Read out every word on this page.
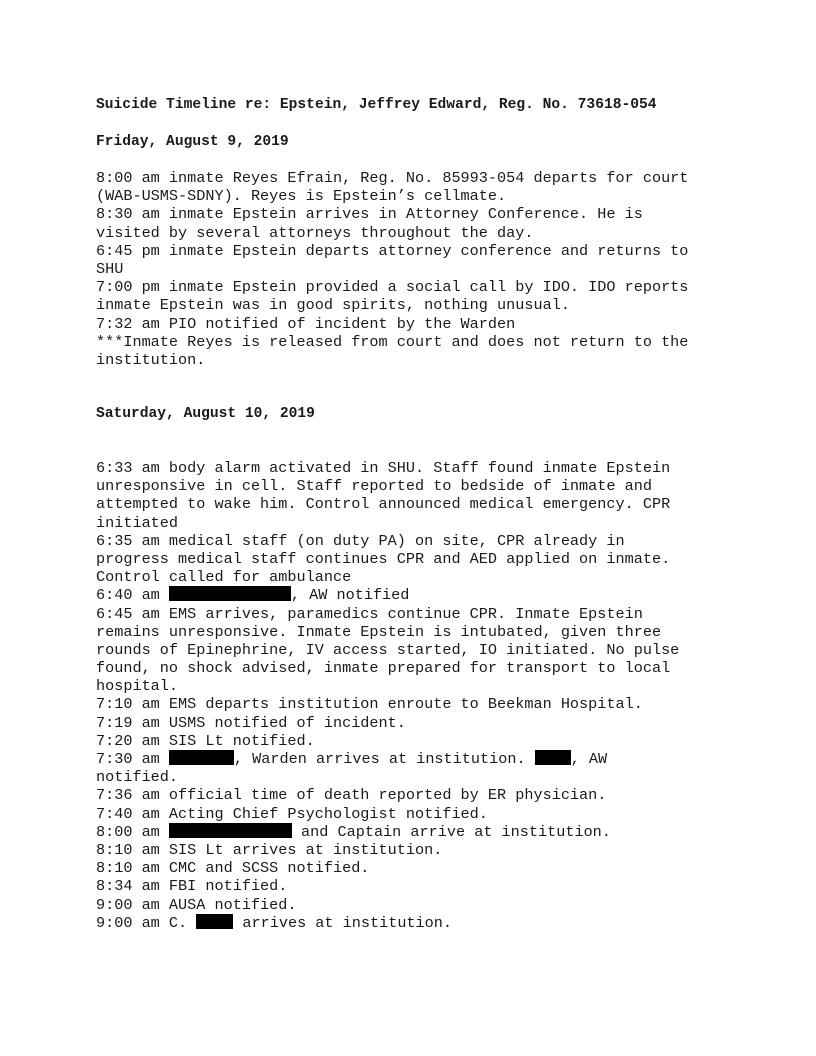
Suicide Timeline re: Epstein, Jeffrey Edward, Reg. No. 73618-054
Friday, August 9, 2019
8:00 am inmate Reyes Efrain, Reg. No. 85993-054 departs for court
(WAB-USMS-SDNY). Reyes is Epstein’s cellmate.
8:30 am inmate Epstein arrives in Attorney Conference. He is
visited by several attorneys throughout the day.
6:45 pm inmate Epstein departs attorney conference and returns to
SHU
7:00 pm inmate Epstein provided a social call by IDO. IDO reports
inmate Epstein was in good spirits, nothing unusual.
7:32 am PIO notified of incident by the Warden
***Inmate Reyes is released from court and does not return to the
institution.
Saturday, August 10, 2019
6:33 am body alarm activated in SHU. Staff found inmate Epstein
unresponsive in cell. Staff reported to bedside of inmate and
attempted to wake him. Control announced medical emergency. CPR
initiated
6:35 am medical staff (on duty PA) on site, CPR already in
progress medical staff continues CPR and AED applied on inmate.
Control called for ambulance
6:40 am	, AW notified
6:45 am EMS arrives, paramedics continue CPR. Inmate Epstein
remains unresponsive. Inmate Epstein is intubated, given three
rounds of Epinephrine, IV access started, IO initiated. No pulse
found, no shock advised, inmate prepared for transport to local
hospital.
7:10 am EMS departs institution enroute to Beekman Hospital.
7:19 am USMS notified of incident.
7:20 am SIS Lt notified.
7:30 am	, Warden arrives at institution. , AW
notified.
7:36 am official time of death reported by ER physician.
7:40 am Acting Chief Psychologist notified.
8:00 am	and Captain arrive at institution.
8:10 am SIS Lt arrives at institution.
8:10 am CMC and SCSS notified.
8:34 am FBI notified.
9:00 am AUSA notified.
9:00 am C.  arrives at institution.
